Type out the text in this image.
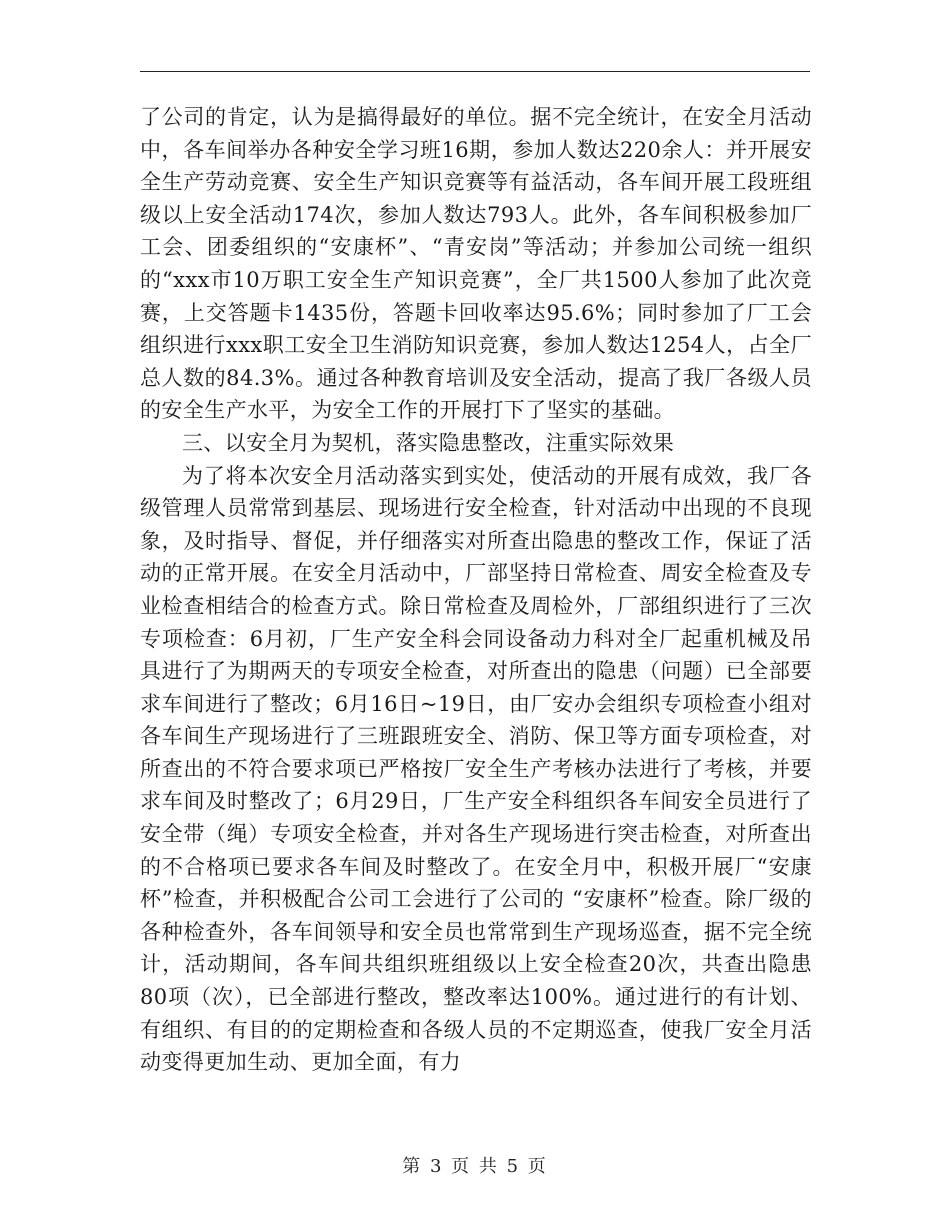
了公司的肯定，认为是搞得最好的单位。据不完全统计，在安全月活动中，各车间举办各种安全学习班16期，参加人数达220余人：并开展安全生产劳动竞赛、安全生产知识竞赛等有益活动，各车间开展工段班组级以上安全活动174次，参加人数达793人。此外，各车间积极参加厂工会、团委组织的“安康杯”、“青安岗”等活动；并参加公司统一组织的“xxx市10万职工安全生产知识竞赛”，全厂共1500人参加了此次竞赛，上交答题卡1435份，答题卡回收率达95.6%；同时参加了厂工会组织进行xxx职工安全卫生消防知识竞赛，参加人数达1254人，占全厂总人数的84.3%。通过各种教育培训及安全活动，提高了我厂各级人员的安全生产水平，为安全工作的开展打下了坚实的基础。

三、以安全月为契机，落实隐患整改，注重实际效果

为了将本次安全月活动落实到实处，使活动的开展有成效，我厂各级管理人员常常到基层、现场进行安全检查，针对活动中出现的不良现象，及时指导、督促，并仔细落实对所查出隐患的整改工作，保证了活动的正常开展。在安全月活动中，厂部坚持日常检查、周安全检查及专业检查相结合的检查方式。除日常检查及周检外，厂部组织进行了三次专项检查：6月初，厂生产安全科会同设备动力科对全厂起重机械及吊具进行了为期两天的专项安全检查，对所查出的隐患（问题）已全部要求车间进行了整改；6月16日~19日，由厂安办会组织专项检查小组对各车间生产现场进行了三班跟班安全、消防、保卫等方面专项检查，对所查出的不符合要求项已严格按厂安全生产考核办法进行了考核，并要求车间及时整改了；6月29日，厂生产安全科组织各车间安全员进行了安全带（绳）专项安全检查，并对各生产现场进行突击检查，对所查出的不合格项已要求各车间及时整改了。在安全月中，积极开展厂“安康杯”检查，并积极配合公司工会进行了公司的 “安康杯”检查。除厂级的各种检查外，各车间领导和安全员也常常到生产现场巡查，据不完全统计，活动期间，各车间共组织班组级以上安全检查20次，共查出隐患80项（次），已全部进行整改，整改率达100%。通过进行的有计划、有组织、有目的的定期检查和各级人员的不定期巡查，使我厂安全月活动变得更加生动、更加全面，有力

第 3 页 共 5 页
